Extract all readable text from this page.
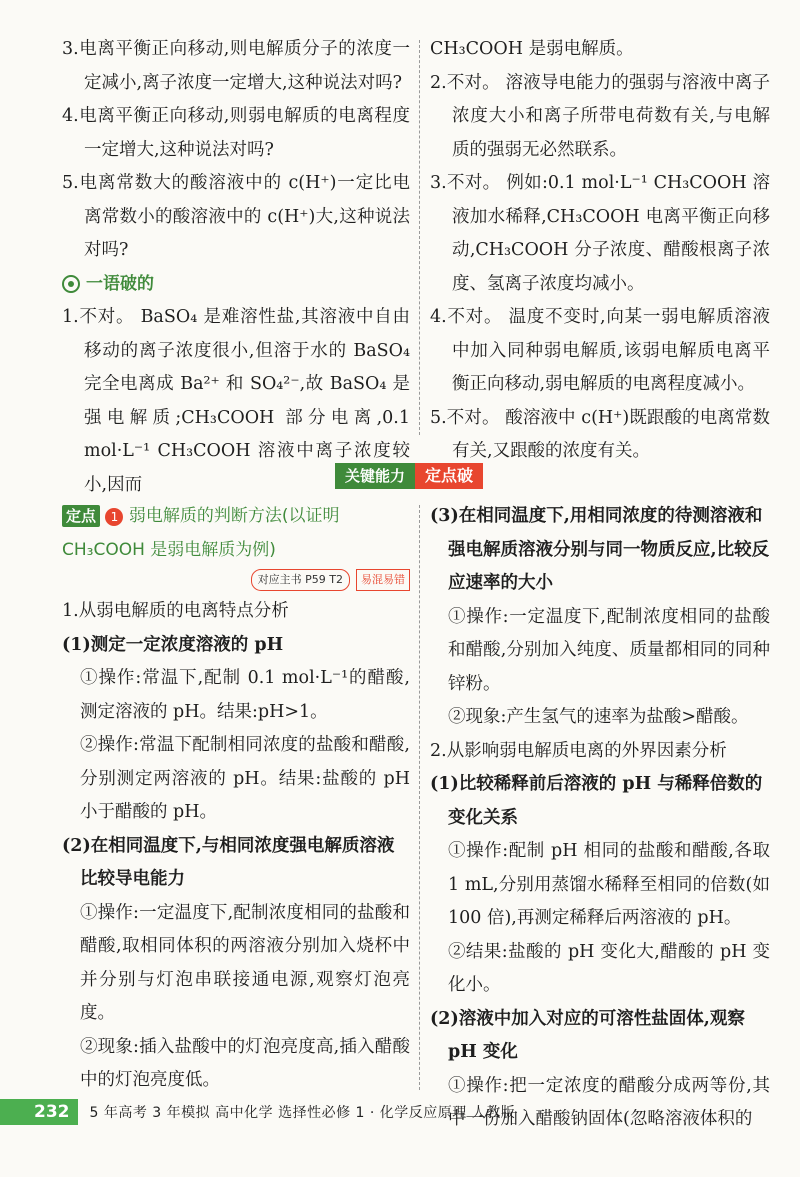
3.电离平衡正向移动,则电解质分子的浓度一定减小,离子浓度一定增大,这种说法对吗?

4.电离平衡正向移动,则弱电解质的电离程度一定增大,这种说法对吗?

5.电离常数大的酸溶液中的 c(H⁺)一定比电离常数小的酸溶液中的 c(H⁺)大,这种说法对吗?

一语破的

1.不对。 BaSO₄ 是难溶性盐,其溶液中自由移动的离子浓度很小,但溶于水的 BaSO₄ 完全电离成 Ba²⁺ 和 SO₄²⁻,故 BaSO₄ 是强电解质;CH₃COOH 部分电离,0.1 mol·L⁻¹ CH₃COOH 溶液中离子浓度较小,因而

CH₃COOH 是弱电解质。

2.不对。 溶液导电能力的强弱与溶液中离子浓度大小和离子所带电荷数有关,与电解质的强弱无必然联系。

3.不对。 例如:0.1 mol·L⁻¹ CH₃COOH 溶液加水稀释,CH₃COOH 电离平衡正向移动,CH₃COOH 分子浓度、醋酸根离子浓度、氢离子浓度均减小。

4.不对。 温度不变时,向某一弱电解质溶液中加入同种弱电解质,该弱电解质电离平衡正向移动,弱电解质的电离程度减小。

5.不对。 酸溶液中 c(H⁺)既跟酸的电离常数有关,又跟酸的浓度有关。

关键能力	定点破

定点 1 弱电解质的判断方法(以证明 CH₃COOH 是弱电解质为例)

对应主书 P59 T2	易混易错

1.从弱电解质的电离特点分析

(1)测定一定浓度溶液的 pH

①操作:常温下,配制 0.1 mol·L⁻¹的醋酸,测定溶液的 pH。结果:pH>1。

②操作:常温下配制相同浓度的盐酸和醋酸,分别测定两溶液的 pH。结果:盐酸的 pH 小于醋酸的 pH。

(2)在相同温度下,与相同浓度强电解质溶液比较导电能力

①操作:一定温度下,配制浓度相同的盐酸和醋酸,取相同体积的两溶液分别加入烧杯中并分别与灯泡串联接通电源,观察灯泡亮度。

②现象:插入盐酸中的灯泡亮度高,插入醋酸中的灯泡亮度低。

(3)在相同温度下,用相同浓度的待测溶液和强电解质溶液分别与同一物质反应,比较反应速率的大小

①操作:一定温度下,配制浓度相同的盐酸和醋酸,分别加入纯度、质量都相同的同种锌粉。

②现象:产生氢气的速率为盐酸>醋酸。

2.从影响弱电解质电离的外界因素分析

(1)比较稀释前后溶液的 pH 与稀释倍数的变化关系

①操作:配制 pH 相同的盐酸和醋酸,各取 1 mL,分别用蒸馏水稀释至相同的倍数(如 100 倍),再测定稀释后两溶液的 pH。

②结果:盐酸的 pH 变化大,醋酸的 pH 变化小。

(2)溶液中加入对应的可溶性盐固体,观察 pH 变化

①操作:把一定浓度的醋酸分成两等份,其中一份加入醋酸钠固体(忽略溶液体积的

232	5 年高考 3 年模拟 高中化学 选择性必修 1 · 化学反应原理 人教版
